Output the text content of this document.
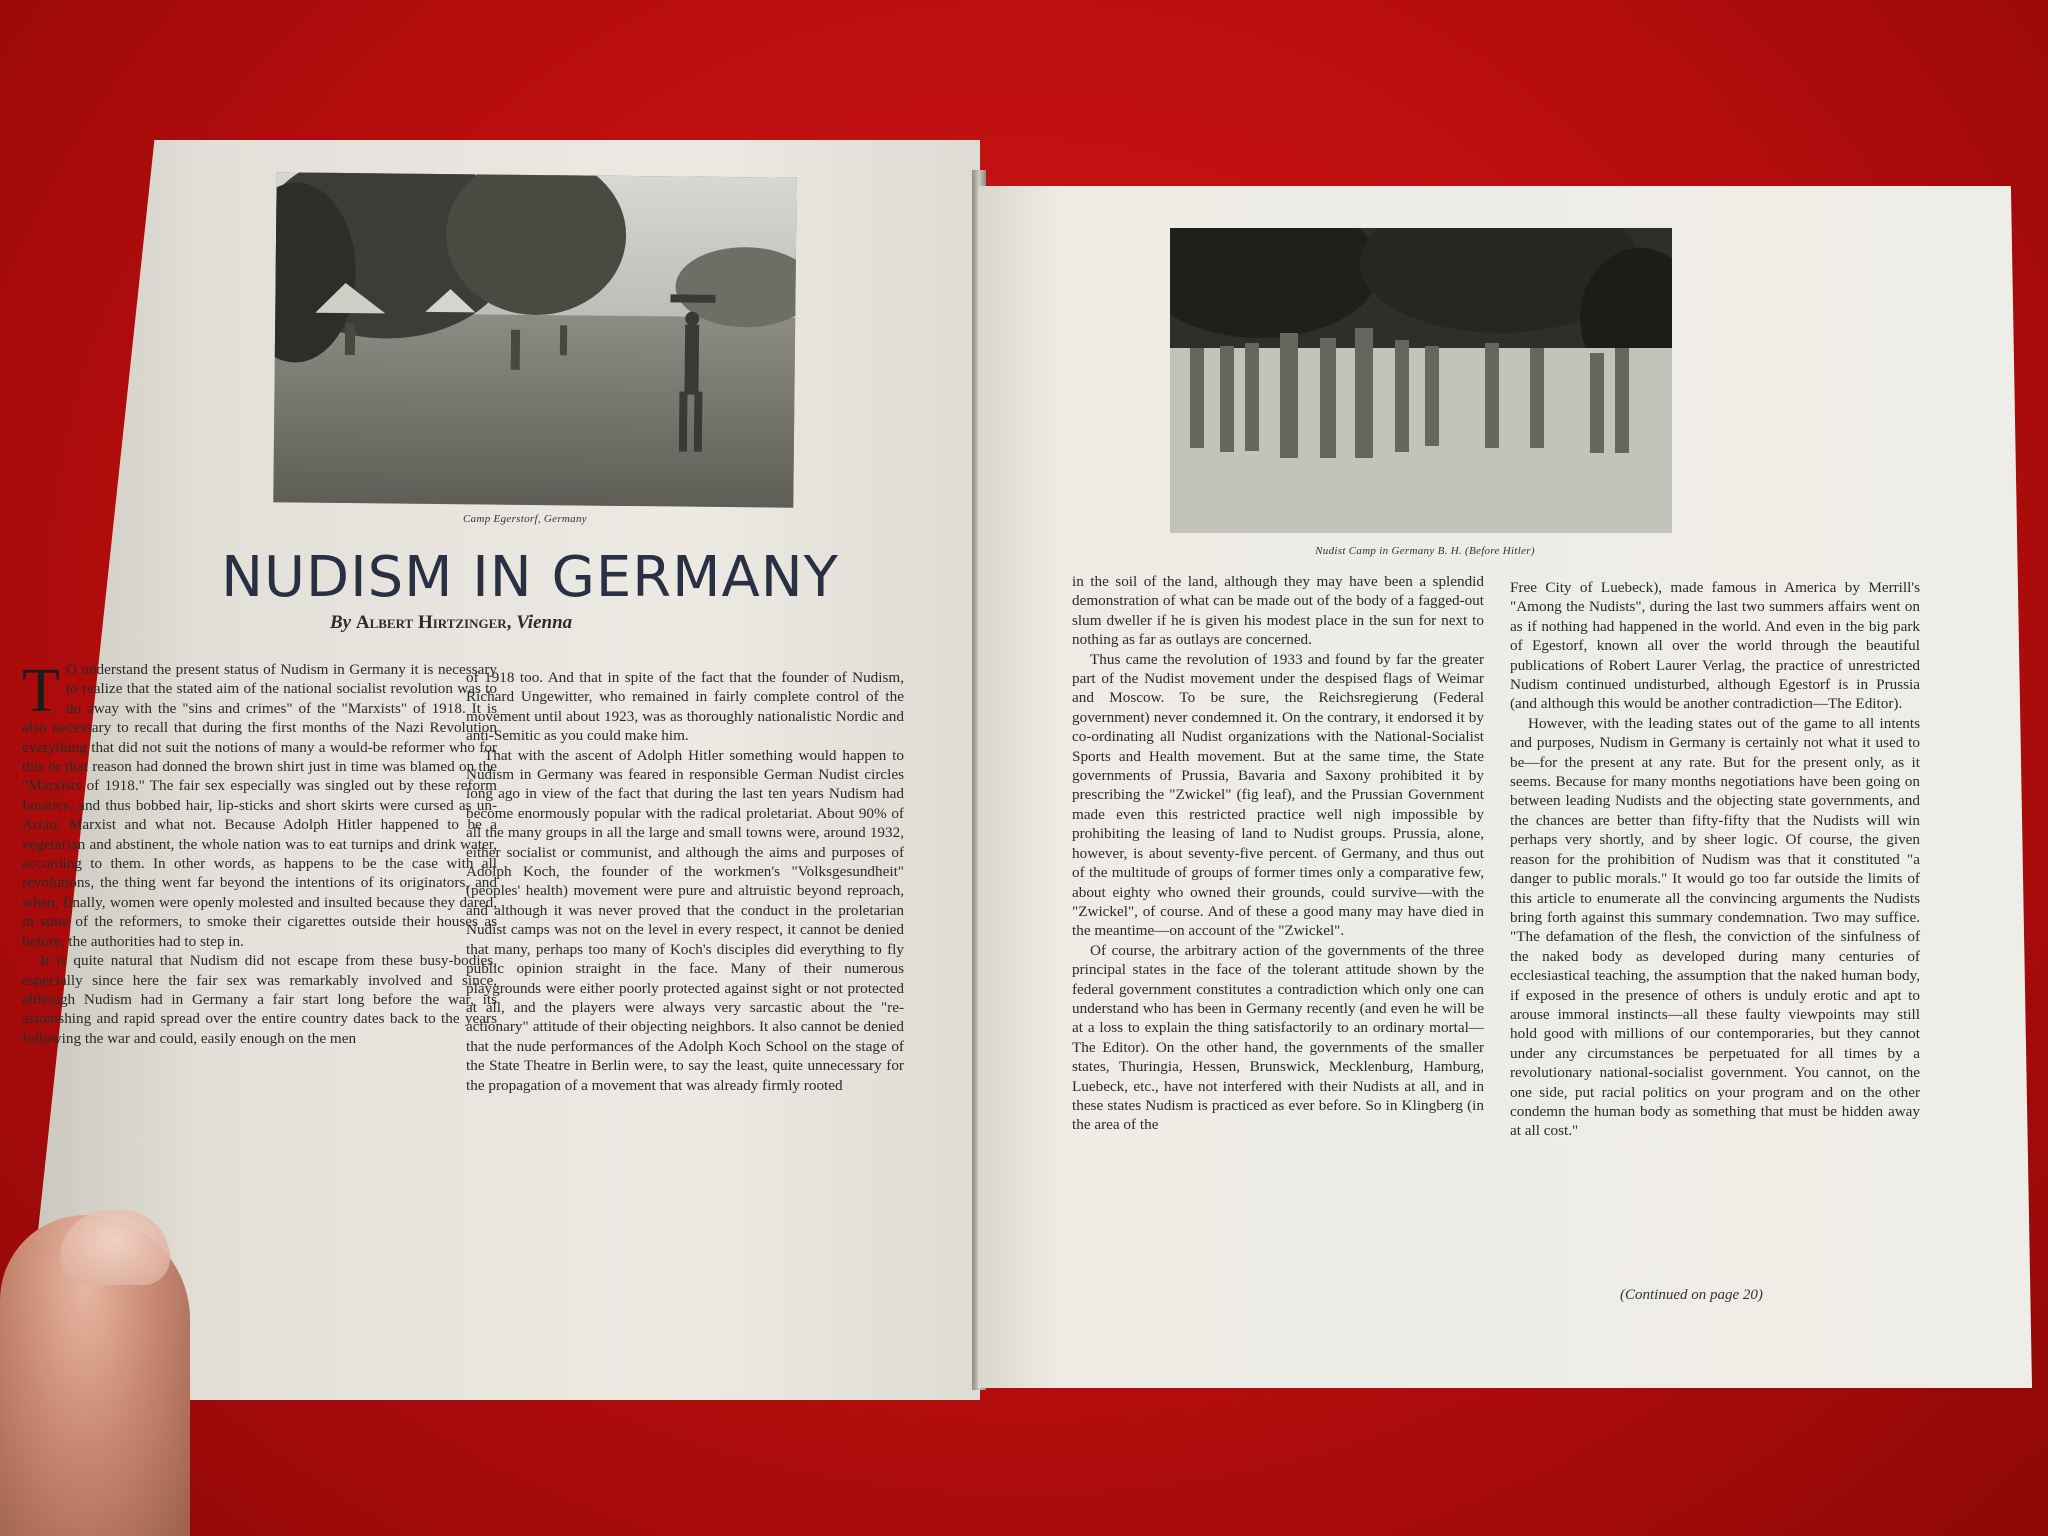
Camp Egerstorf, Germany
NUDISM IN GERMANY
By Albert Hirtzinger, Vienna
T O understand the present status of Nudism in Germany it is necessary to realize that the stated aim of the national socialist revolution was to do away with the "sins and crimes" of the "Marxists" of 1918. It is also necessary to recall that during the first months of the Nazi Revolution everything that did not suit the notions of many a would-be reformer who for this or that reason had donned the brown shirt just in time was blamed on the "Marxists of 1918." The fair sex especially was singled out by these reform fanatics, and thus bobbed hair, lip-sticks and short skirts were cursed as un-Arian, Marxist and what not. Because Adolph Hitler happened to be a vegetarian and abstinent, the whole nation was to eat turnips and drink water, according to them. In other words, as happens to be the case with all revolutions, the thing went far beyond the intentions of its originators, and when, finally, women were openly molested and insulted because they dared, in spite of the reformers, to smoke their cigarettes outside their houses as before, the authorities had to step in.

It is quite natural that Nudism did not escape from these busy-bodies, especially since here the fair sex was remarkably involved and since, although Nudism had in Germany a fair start long before the war, its astonishing and rapid spread over the entire country dates back to the years following the war and could, easily enough on the men

of 1918 too. And that in spite of the fact that the founder of Nudism, Richard Ungewitter, who remained in fairly complete control of the movement until about 1923, was as thoroughly nationalistic Nordic and anti-Semitic as you could make him.

That with the ascent of Adolph Hitler something would happen to Nudism in Germany was feared in responsible German Nudist circles long ago in view of the fact that during the last ten years Nudism had become enormously popular with the radical proletariat. About 90% of all the many groups in all the large and small towns were, around 1932, either socialist or communist, and although the aims and purposes of Adolph Koch, the founder of the workmen's "Volksgesundheit" (peoples' health) movement were pure and altruistic beyond reproach, and although it was never proved that the conduct in the proletarian Nudist camps was not on the level in every respect, it cannot be denied that many, perhaps too many of Koch's disciples did everything to fly public opinion straight in the face. Many of their numerous playgrounds were either poorly protected against sight or not protected at all, and the players were always very sarcastic about the "re-actionary" attitude of their objecting neighbors. It also cannot be denied that the nude performances of the Adolph Koch School on the stage of the State Theatre in Berlin were, to say the least, quite unnecessary for the propagation of a movement that was already firmly rooted

Nudist Camp in Germany B. H. (Before Hitler)

in the soil of the land, although they may have been a splendid demonstration of what can be made out of the body of a fagged-out slum dweller if he is given his modest place in the sun for next to nothing as far as outlays are concerned.

Thus came the revolution of 1933 and found by far the greater part of the Nudist movement under the despised flags of Weimar and Moscow. To be sure, the Reichsregierung (Federal government) never condemned it. On the contrary, it endorsed it by co-ordinating all Nudist organizations with the National-Socialist Sports and Health movement. But at the same time, the State governments of Prussia, Bavaria and Saxony prohibited it by prescribing the "Zwickel" (fig leaf), and the Prussian Government made even this restricted practice well nigh impossible by prohibiting the leasing of land to Nudist groups. Prussia, alone, however, is about seventy-five percent. of Germany, and thus out of the multitude of groups of former times only a comparative few, about eighty who owned their grounds, could survive—with the "Zwickel", of course. And of these a good many may have died in the meantime—on account of the "Zwickel".

Of course, the arbitrary action of the governments of the three principal states in the face of the tolerant attitude shown by the federal government constitutes a contradiction which only one can understand who has been in Germany recently (and even he will be at a loss to explain the thing satisfactorily to an ordinary mortal—The Editor). On the other hand, the governments of the smaller states, Thuringia, Hessen, Brunswick, Mecklenburg, Hamburg, Luebeck, etc., have not interfered with their Nudists at all, and in these states Nudism is practiced as ever before. So in Klingberg (in the area of the

Free City of Luebeck), made famous in America by Merrill's "Among the Nudists", during the last two summers affairs went on as if nothing had happened in the world. And even in the big park of Egestorf, known all over the world through the beautiful publications of Robert Laurer Verlag, the practice of unrestricted Nudism continued undisturbed, although Egestorf is in Prussia (and although this would be another contradiction—The Editor).

However, with the leading states out of the game to all intents and purposes, Nudism in Germany is certainly not what it used to be—for the present at any rate. But for the present only, as it seems. Because for many months negotiations have been going on between leading Nudists and the objecting state governments, and the chances are better than fifty-fifty that the Nudists will win perhaps very shortly, and by sheer logic. Of course, the given reason for the prohibition of Nudism was that it constituted "a danger to public morals." It would go too far outside the limits of this article to enumerate all the convincing arguments the Nudists bring forth against this summary condemnation. Two may suffice. "The defamation of the flesh, the conviction of the sinfulness of the naked body as developed during many centuries of ecclesiastical teaching, the assumption that the naked human body, if exposed in the presence of others is unduly erotic and apt to arouse immoral instincts—all these faulty viewpoints may still hold good with millions of our contemporaries, but they cannot under any circumstances be perpetuated for all times by a revolutionary national-socialist government. You cannot, on the one side, put racial politics on your program and on the other condemn the human body as something that must be hidden away at all cost."

(Continued on page 20)
